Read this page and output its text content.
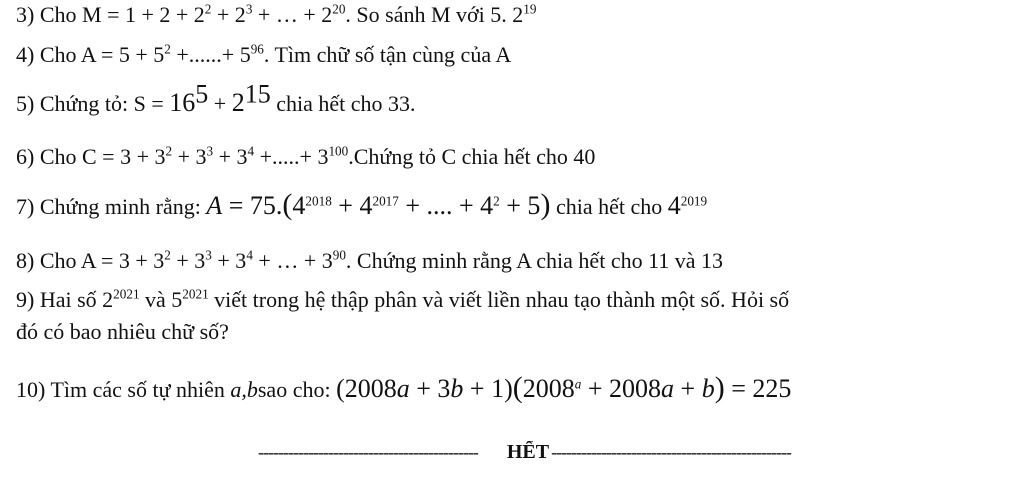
3) Cho $M = 1 + 2 + 2^2 + 2^3$ + … + $2^{20}$. So sánh M với 5. $2^{19}$
4) Cho $A = 5 + 5^2$ +......+ $5^{96}$. Tìm chữ số tận cùng của A
5) Chứng tỏ: $S = 16^5 + 2^{15}$ chia hết cho 33.
6) Cho $C = 3 + 3^2 + 3^3 + 3^4$ +.....+ $3^{100}.Chứng$ tỏ C chia hết cho 40
7) Chứng minh rằng: $A = 75.(4^{2018} + 4^{2017}$ + .... + $4^2 + 5$) chia hết cho $4^{2019}$
8) Cho $A = 3 + 3^2 + 3^3 + 3^4$ + … + $3^{90}$. Chứng minh rằng A chia hết cho 11 và 13
9) Hai số $2^{2021}$ và $5^{2021}$ viết trong hệ thập phân và viết liền nhau tạo thành một số. Hỏi số
đó có bao nhiêu chữ số?
10) Tìm các số tự nhiên a,bsao cho: $(2008a + 3b + 1)(2008^a + 2008a + b) = 225$
--------------------------------------------	HẾT ------------------------------------------------
